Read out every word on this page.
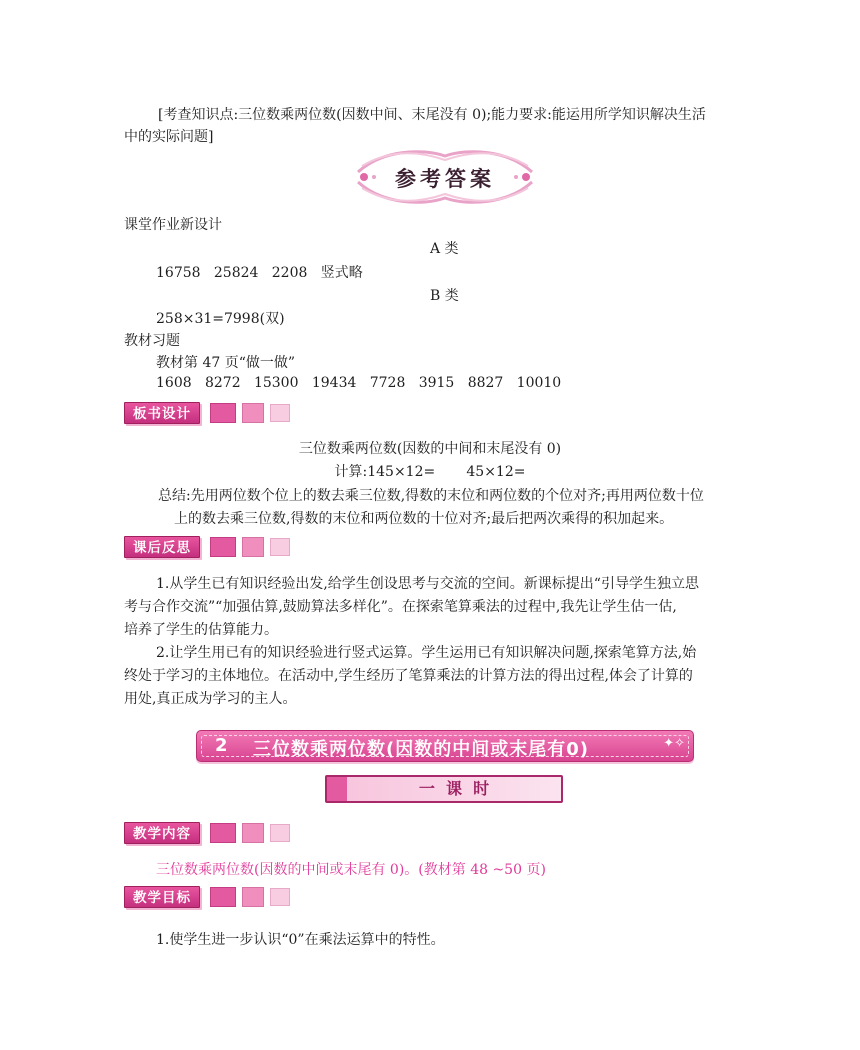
[考查知识点:三位数乘两位数(因数中间、末尾没有 0);能力要求:能运用所学知识解决生活
中的实际问题]
参考答案
课堂作业新设计
A 类
16758   25824   2208   竖式略
B 类
258×31=7998(双)
教材习题
教材第 47 页“做一做”
1608   8272   15300   19434   7728   3915   8827   10010
板书设计
三位数乘两位数(因数的中间和末尾没有 0)
计算:145×12=       45×12=
总结:先用两位数个位上的数去乘三位数,得数的末位和两位数的个位对齐;再用两位数十位
上的数去乘三位数,得数的末位和两位数的十位对齐;最后把两次乘得的积加起来。
课后反思
1.从学生已有知识经验出发,给学生创设思考与交流的空间。新课标提出“引导学生独立思
考与合作交流”“加强估算,鼓励算法多样化”。在探索笔算乘法的过程中,我先让学生估一估,
培养了学生的估算能力。
2.让学生用已有的知识经验进行竖式运算。学生运用已有知识解决问题,探索笔算方法,始
终处于学习的主体地位。在活动中,学生经历了笔算乘法的计算方法的得出过程,体会了计算的
用处,真正成为学习的主人。
2 三位数乘两位数(因数的中间或末尾有0)	✦✧
一  课  时
教学内容
三位数乘两位数(因数的中间或末尾有 0)。(教材第 48 ~50 页)
教学目标
1.使学生进一步认识“0”在乘法运算中的特性。
